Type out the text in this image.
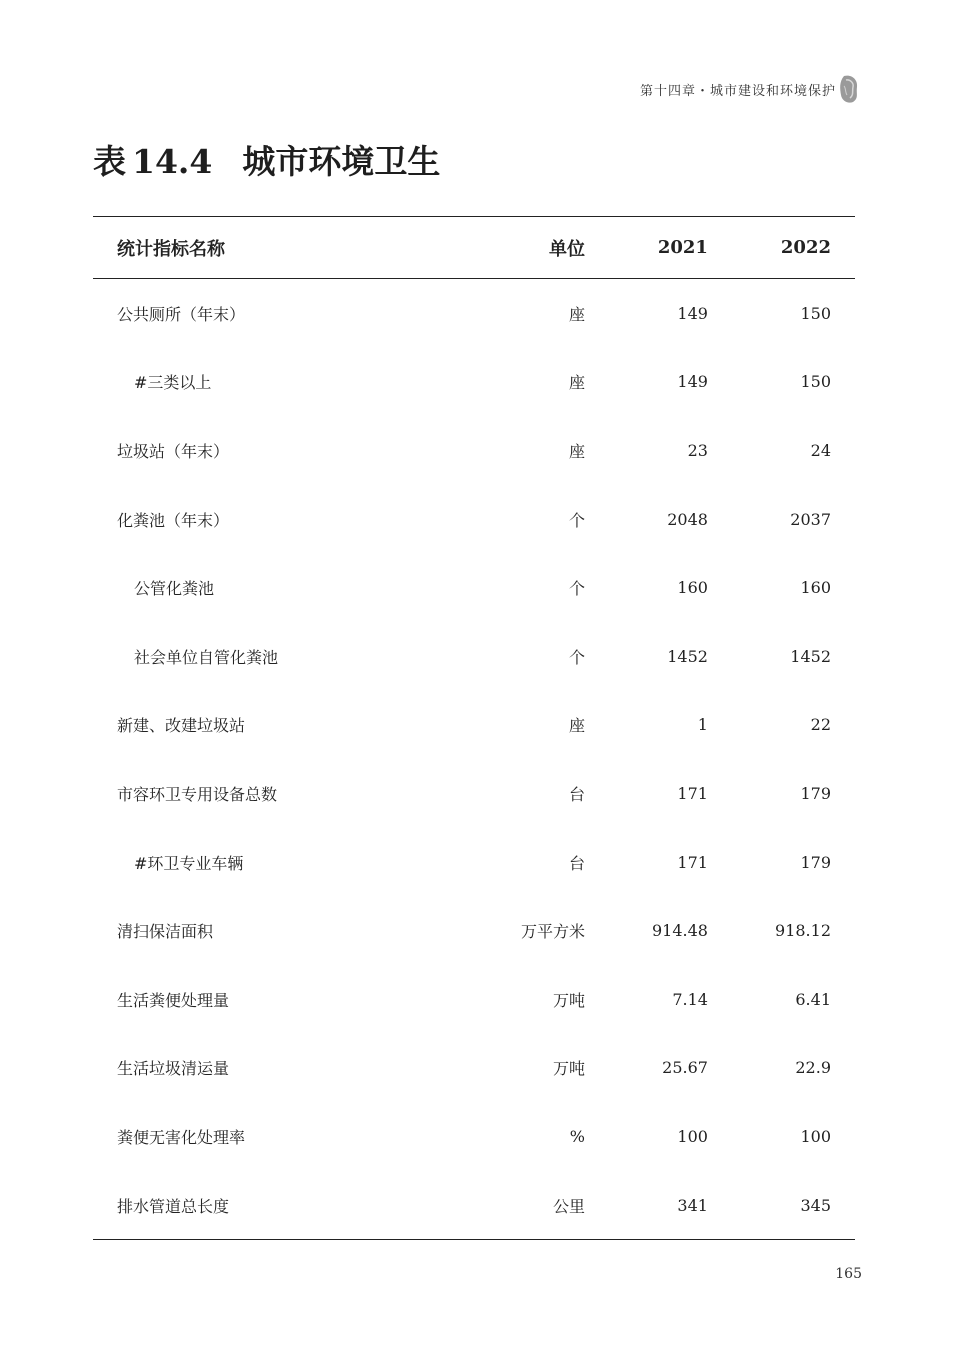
第十四章・城市建设和环境保护
表 14.4 城市环境卫生
统计指标名称	单位	2021	2022
公共厕所（年末）	座	149	150
#三类以上	座	149	150
垃圾站（年末）	座	23	24
化粪池（年末）	个	2048	2037
公管化粪池	个	160	160
社会单位自管化粪池	个	1452	1452
新建、改建垃圾站	座	1	22
市容环卫专用设备总数	台	171	179
#环卫专业车辆	台	171	179
清扫保洁面积	万平方米	914.48	918.12
生活粪便处理量	万吨	7.14	6.41
生活垃圾清运量	万吨	25.67	22.9
粪便无害化处理率	%	100	100
排水管道总长度	公里	341	345
165
